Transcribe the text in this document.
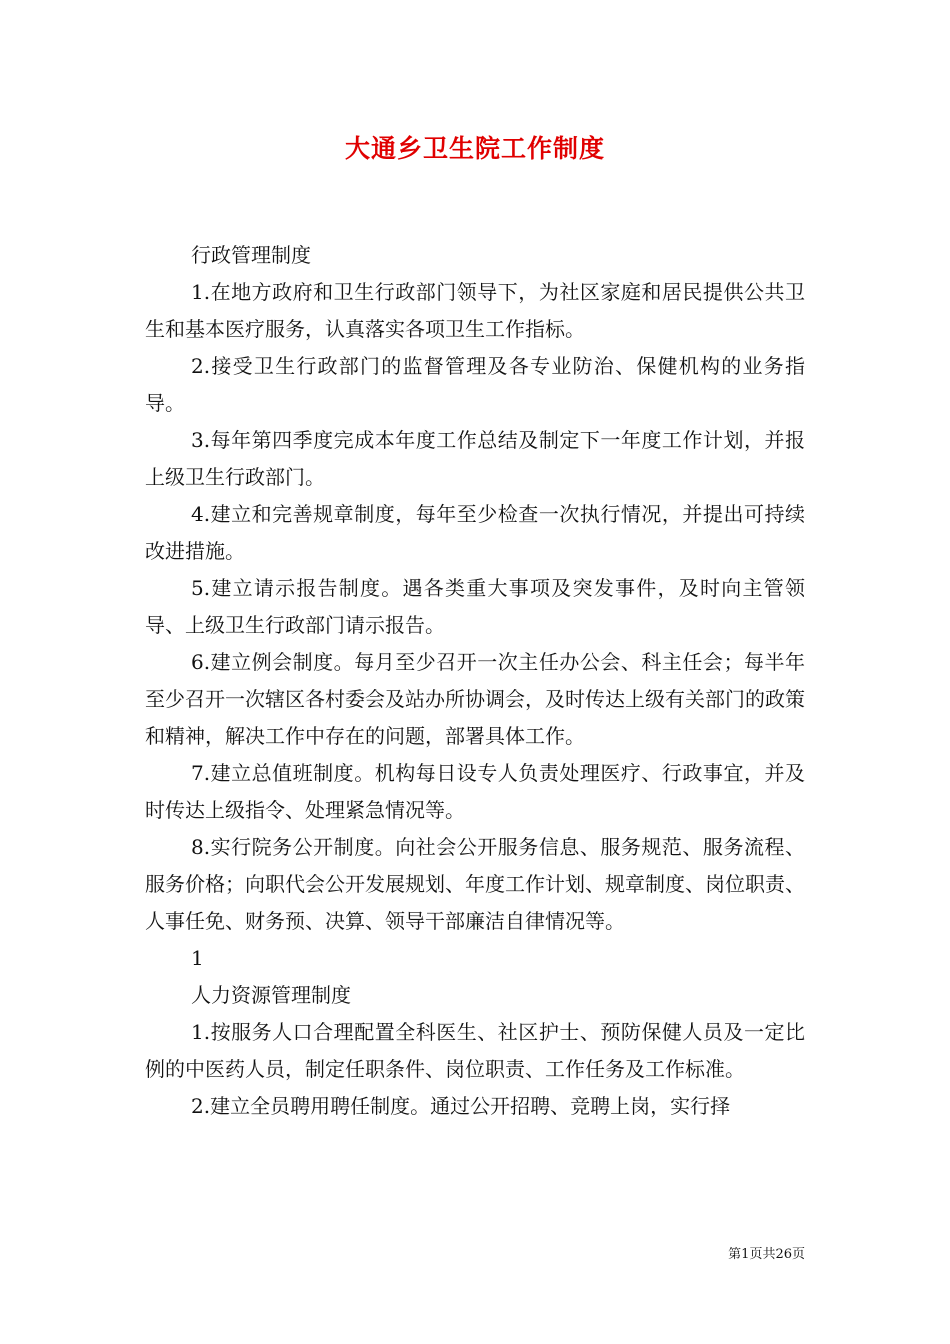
大通乡卫生院工作制度

行政管理制度

1.在地方政府和卫生行政部门领导下，为社区家庭和居民提供公共卫生和基本医疗服务，认真落实各项卫生工作指标。

2.接受卫生行政部门的监督管理及各专业防治、保健机构的业务指导。

3.每年第四季度完成本年度工作总结及制定下一年度工作计划，并报上级卫生行政部门。

4.建立和完善规章制度，每年至少检查一次执行情况，并提出可持续改进措施。

5.建立请示报告制度。遇各类重大事项及突发事件，及时向主管领导、上级卫生行政部门请示报告。

6.建立例会制度。每月至少召开一次主任办公会、科主任会；每半年至少召开一次辖区各村委会及站办所协调会，及时传达上级有关部门的政策和精神，解决工作中存在的问题，部署具体工作。

7.建立总值班制度。机构每日设专人负责处理医疗、行政事宜，并及时传达上级指令、处理紧急情况等。

8.实行院务公开制度。向社会公开服务信息、服务规范、服务流程、服务价格；向职代会公开发展规划、年度工作计划、规章制度、岗位职责、人事任免、财务预、决算、领导干部廉洁自律情况等。

1

人力资源管理制度

1.按服务人口合理配置全科医生、社区护士、预防保健人员及一定比例的中医药人员，制定任职条件、岗位职责、工作任务及工作标准。

2.建立全员聘用聘任制度。通过公开招聘、竞聘上岗，实行择

第1页共26页
